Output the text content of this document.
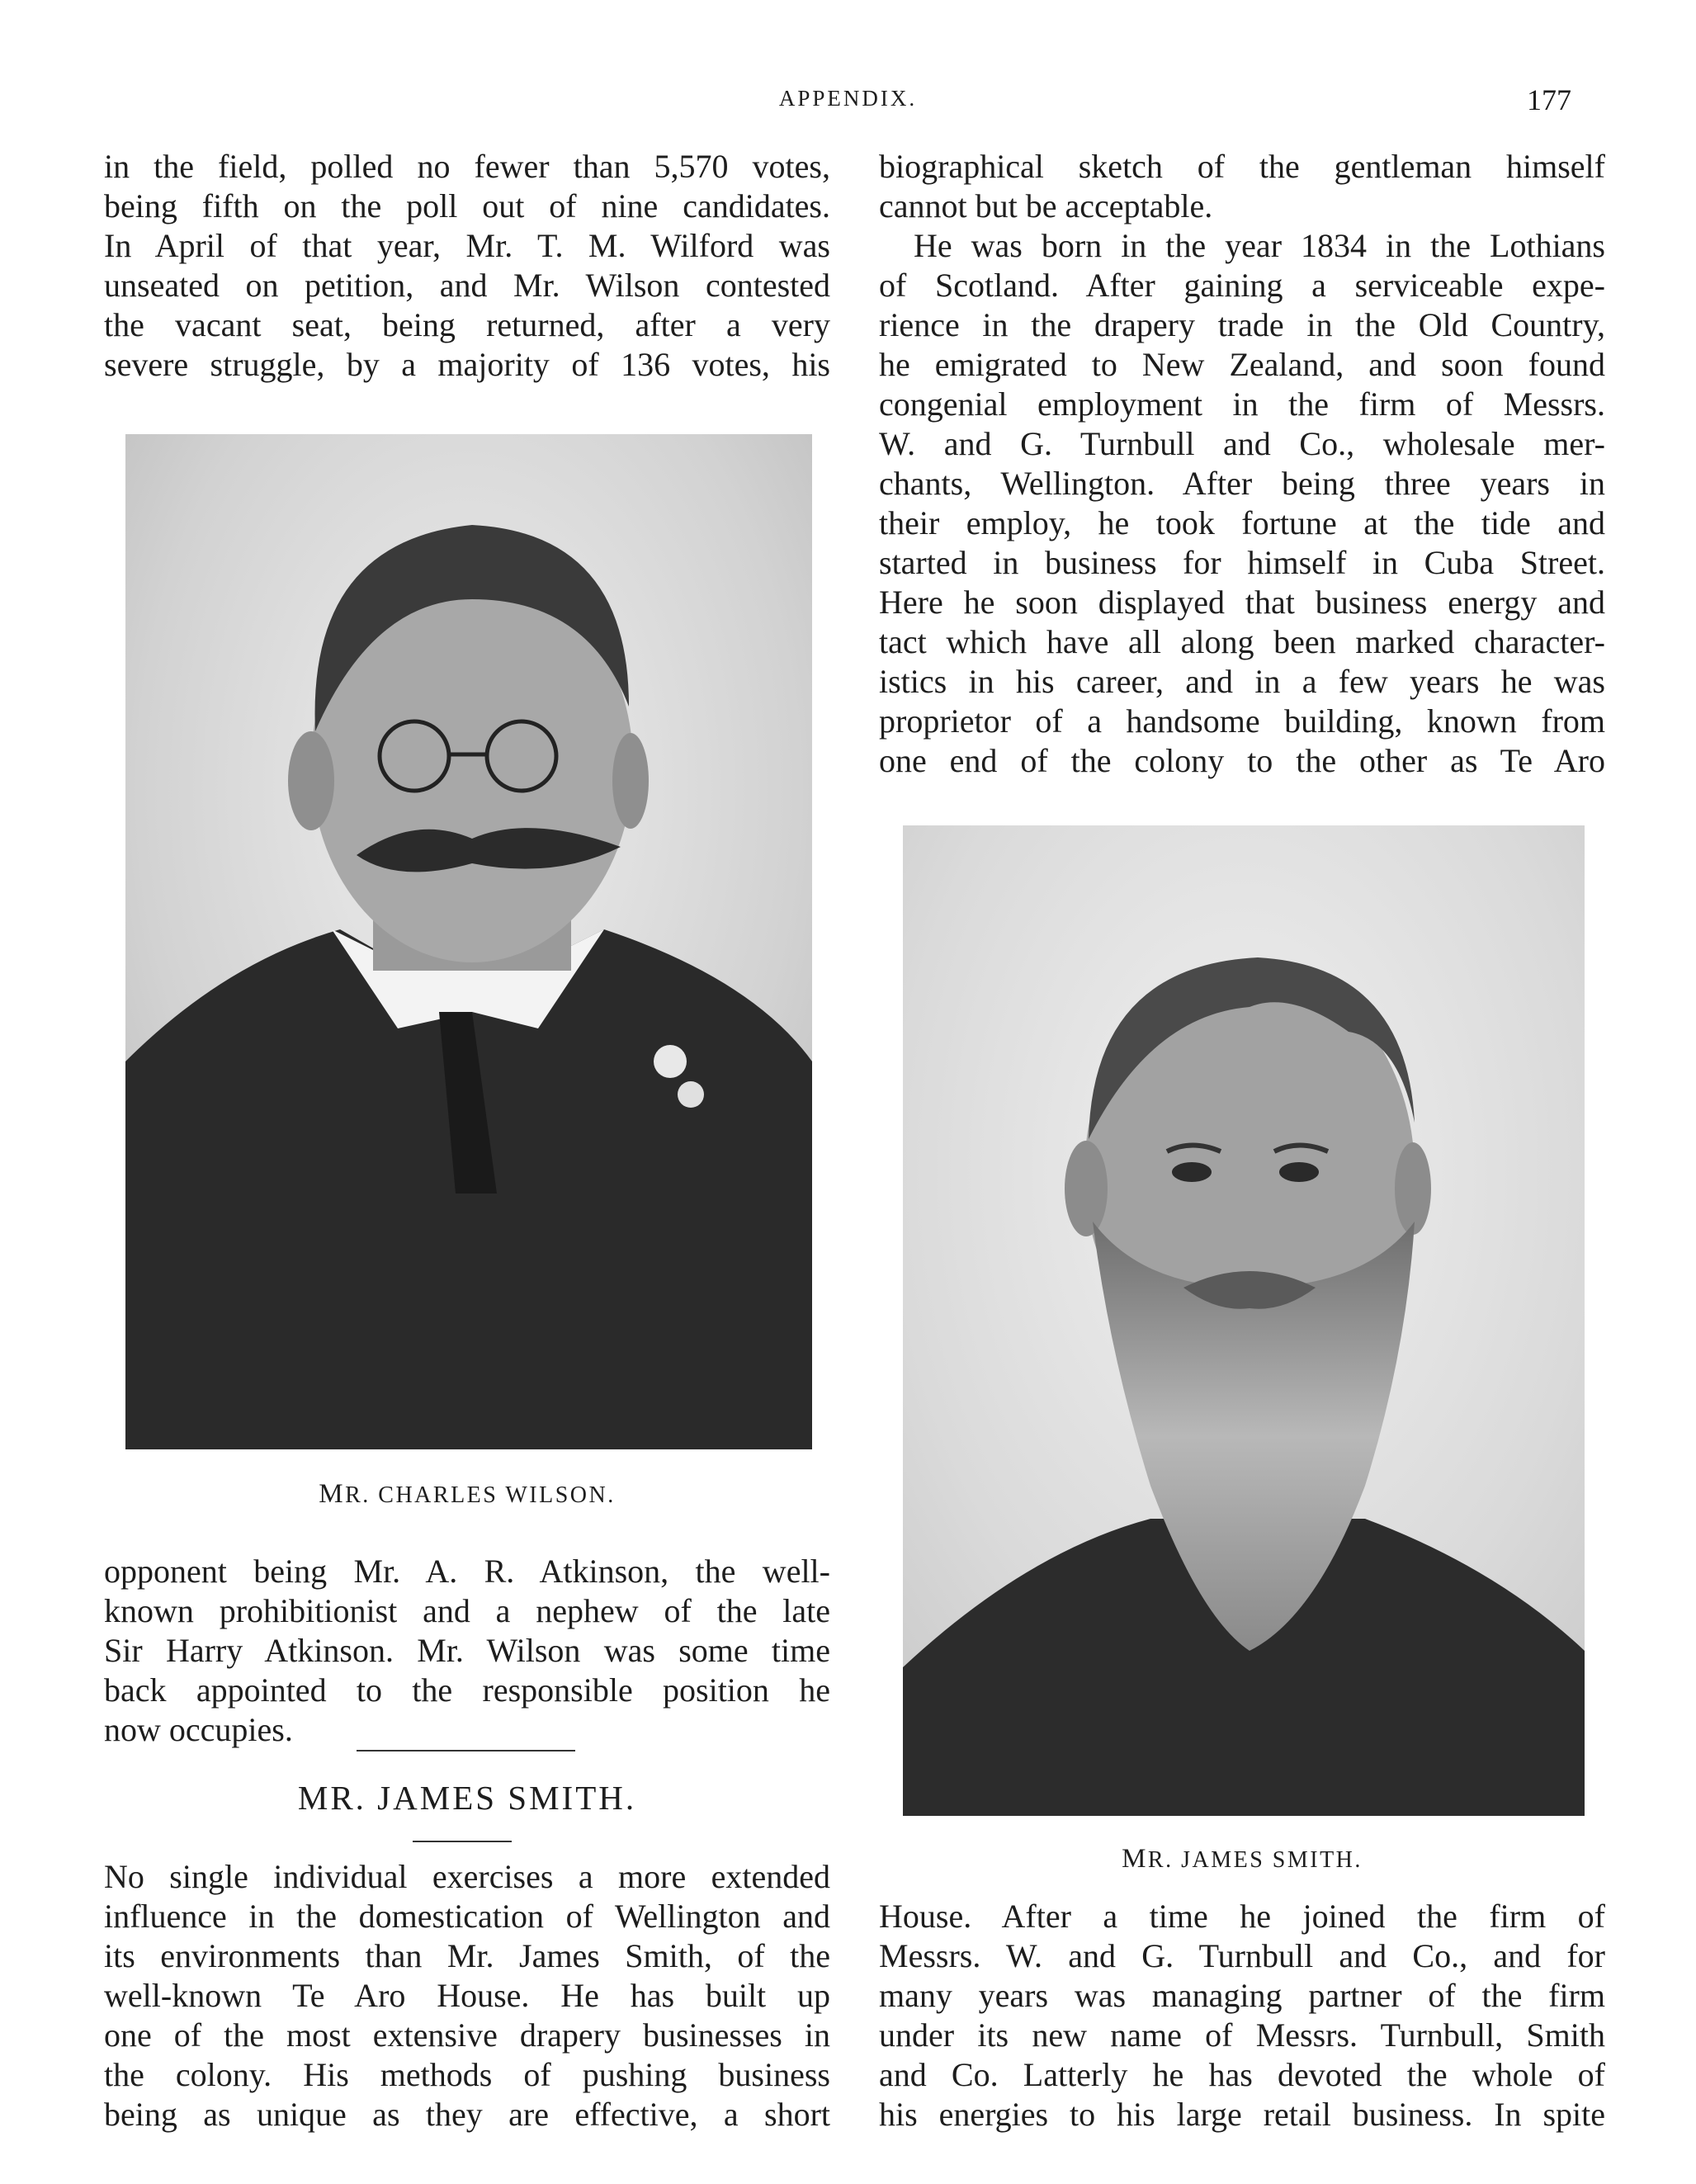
APPENDIX.	177

in the field, polled no fewer than 5,570 votes,
being fifth on the poll out of nine candidates.
In April of that year, Mr. T. M. Wilford was
unseated on petition, and Mr. Wilson contested
the vacant seat, being returned, after a very
severe struggle, by a majority of 136 votes, his

MR. CHARLES WILSON.

opponent being Mr. A. R. Atkinson, the well-
known prohibitionist and a nephew of the late
Sir Harry Atkinson. Mr. Wilson was some time
back appointed to the responsible position he
now occupies.

MR. JAMES SMITH.

No single individual exercises a more extended
influence in the domestication of Wellington and
its environments than Mr. James Smith, of the
well-known Te Aro House. He has built up
one of the most extensive drapery businesses in
the colony. His methods of pushing business
being as unique as they are effective, a short

biographical sketch of the gentleman himself
cannot but be acceptable.

He was born in the year 1834 in the Lothians
of Scotland. After gaining a serviceable expe-
rience in the drapery trade in the Old Country,
he emigrated to New Zealand, and soon found
congenial employment in the firm of Messrs.
W. and G. Turnbull and Co., wholesale mer-
chants, Wellington. After being three years in
their employ, he took fortune at the tide and
started in business for himself in Cuba Street.
Here he soon displayed that business energy and
tact which have all along been marked character-
istics in his career, and in a few years he was
proprietor of a handsome building, known from
one end of the colony to the other as Te Aro

MR. JAMES SMITH.

House. After a time he joined the firm of
Messrs. W. and G. Turnbull and Co., and for
many years was managing partner of the firm
under its new name of Messrs. Turnbull, Smith
and Co. Latterly he has devoted the whole of
his energies to his large retail business. In spite
